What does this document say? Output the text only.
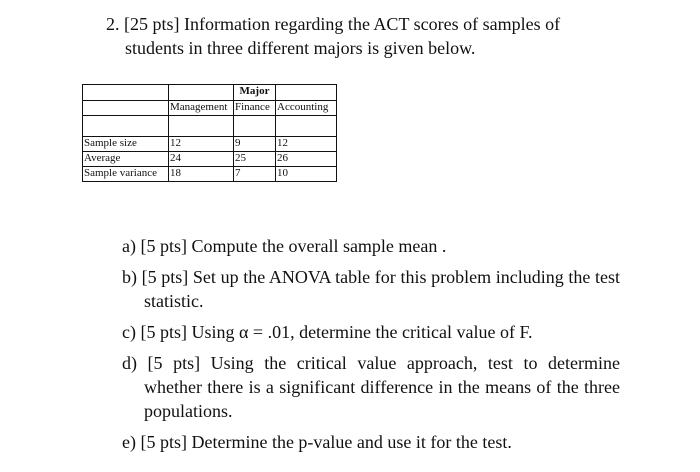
2. [25 pts] Information regarding the ACT scores of samples of
students in three different majors is given below.
		Major	
	Management	Finance	Accounting

Sample size	12	9	12
Average	24	25	26
Sample variance	18	7	10
a) [5 pts] Compute the overall sample mean .
b) [5 pts] Set up the ANOVA table for this problem including the test statistic.
c) [5 pts] Using α = .01, determine the critical value of F.
d) [5 pts] Using the critical value approach, test to determine whether there is a significant difference in the means of the three populations.
e) [5 pts] Determine the p-value and use it for the test.
